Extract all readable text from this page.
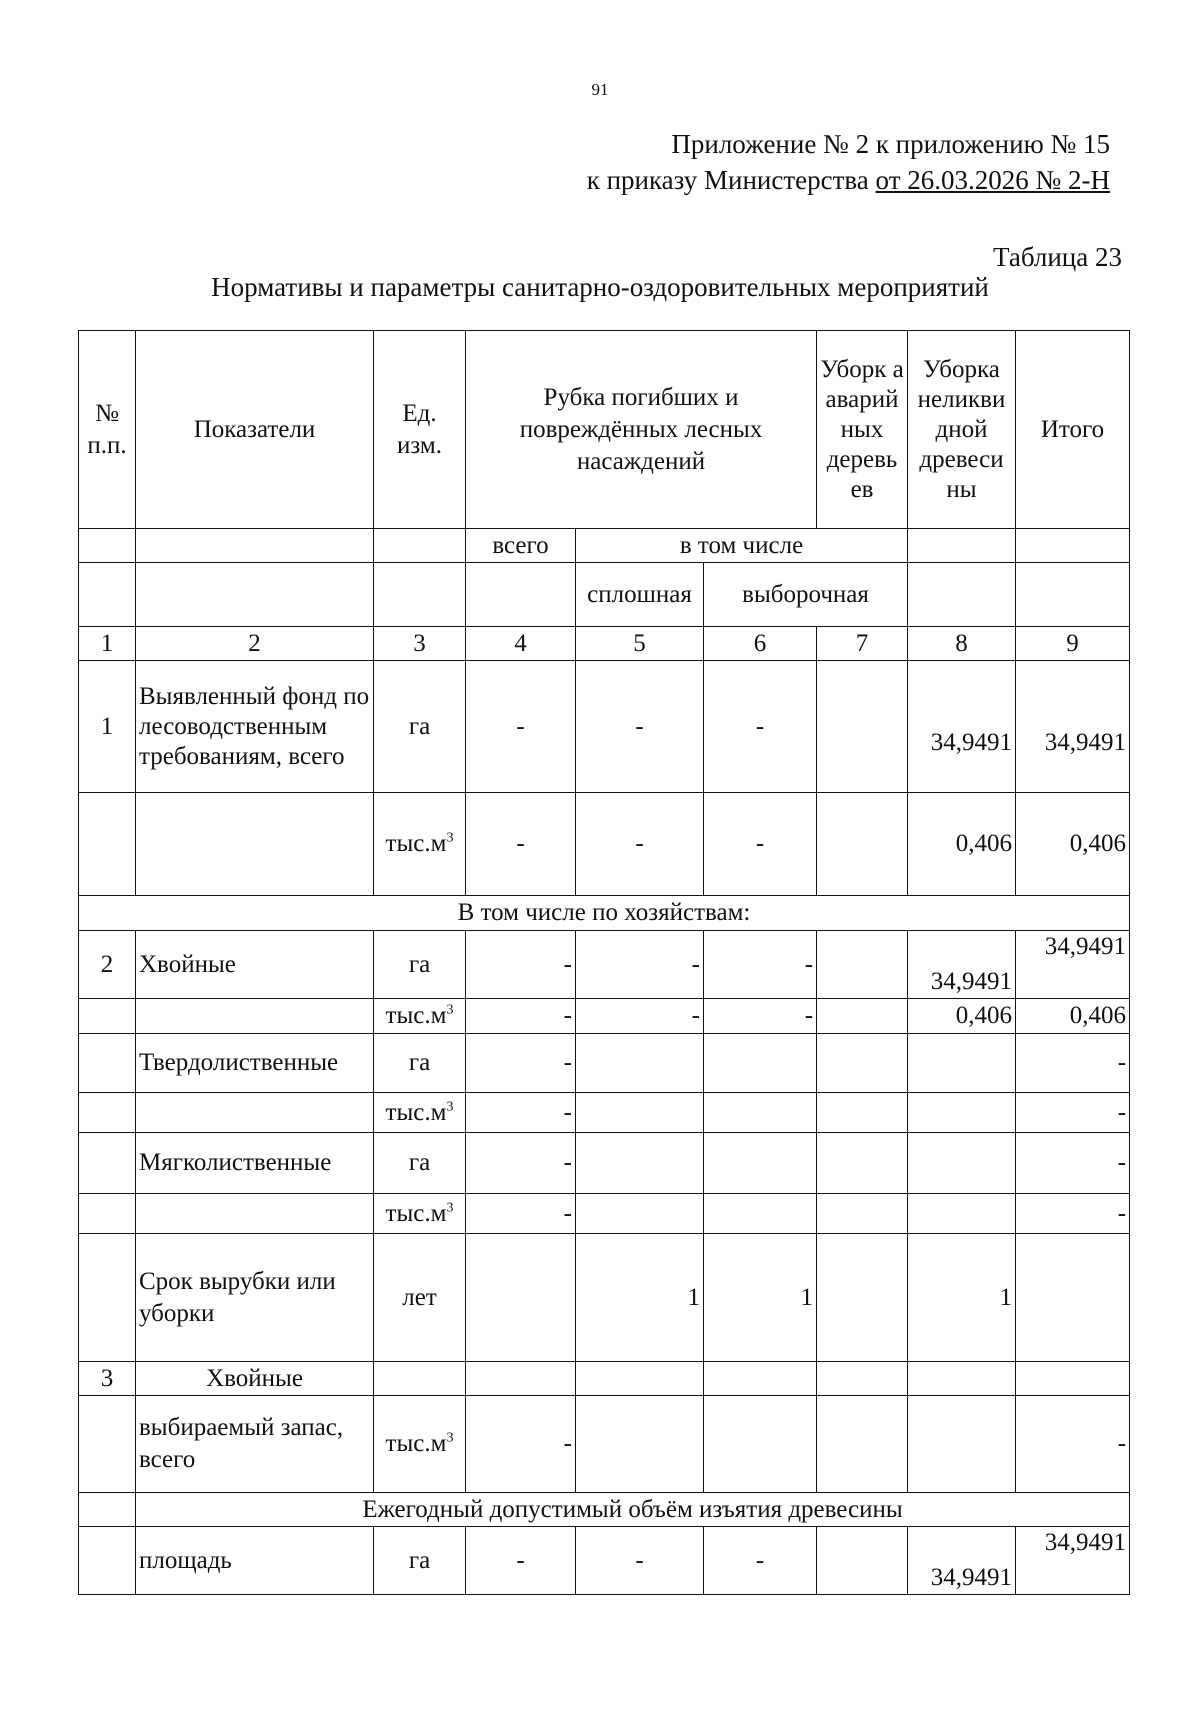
91
Приложение № 2 к приложению № 15
к приказу Министерства от 26.03.2026 № 2-Н
Таблица 23
Нормативы и параметры санитарно-оздоровительных мероприятий
№ п.п.	Показатели	Ед. изм.	Рубка погибших и повреждённых лесных насаждений			Уборк а аварий ных деревь ев	Уборка неликви дной древеси ны	Итого
			всего	в том числе				
				сплошная	выборочная			
1	2	3	4	5	6	7	8	9
1	Выявленный фонд по лесоводственным требованиям, всего	га	-	-	-		34,9491	34,9491
		$тыс.м^3$	-	-	-		0,406	0,406
В том числе по хозяйствам:								
2	Хвойные	га	-	-	-		34,9491	34,9491
		$тыс.м^3$	-	-	-		0,406	0,406
	Твердолиственные	га	-					-
		$тыс.м^3$	-					-
	Мягколиственные	га	-					-
		$тыс.м^3$	-					-
	Срок вырубки или уборки	лет		1	1		1	
3	Хвойные							
	выбираемый запас, всего	$тыс.м^3$	-					-
	Ежегодный допустимый объём изъятия древесины							
	площадь	га	-	-	-		34,9491	34,9491
